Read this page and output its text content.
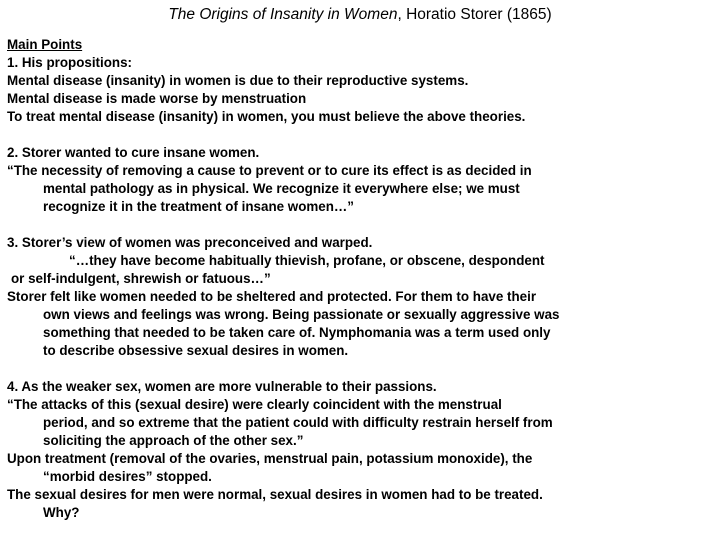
The Origins of Insanity in Women, Horatio Storer (1865)
Main Points
1. His propositions:
Mental disease (insanity) in women is due to their reproductive systems.
Mental disease is made worse by menstruation
To treat mental disease (insanity) in women, you must believe the above theories.
2. Storer wanted to cure insane women.
“The necessity of removing a cause to prevent or to cure its effect is as decided in
mental pathology as in physical. We recognize it everywhere else; we must
recognize it in the treatment of insane women…”
3. Storer’s view of women was preconceived and warped.
“…they have become habitually thievish, profane, or obscene, despondent
or self-indulgent, shrewish or fatuous…”
Storer felt like women needed to be sheltered and protected. For them to have their
own views and feelings was wrong. Being passionate or sexually aggressive was
something that needed to be taken care of. Nymphomania was a term used only
to describe obsessive sexual desires in women.
4. As the weaker sex, women are more vulnerable to their passions.
“The attacks of this (sexual desire) were clearly coincident with the menstrual
period, and so extreme that the patient could with difficulty restrain herself from
soliciting the approach of the other sex.”
Upon treatment (removal of the ovaries, menstrual pain, potassium monoxide), the
“morbid desires” stopped.
The sexual desires for men were normal, sexual desires in women had to be treated.
Why?
